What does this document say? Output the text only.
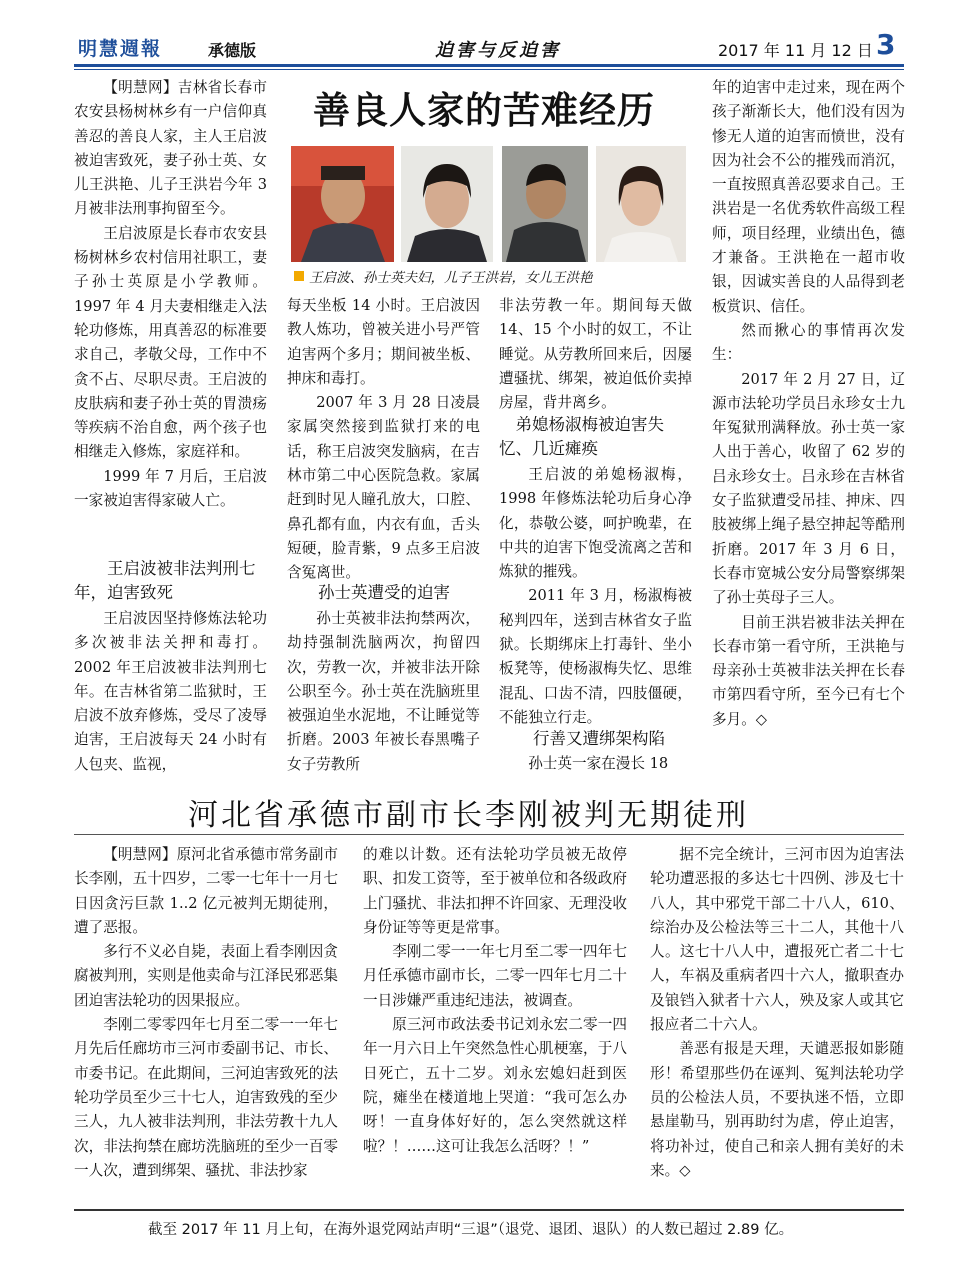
明慧週報	承德版	迫害与反迫害	2017 年 11 月 12 日 3
善良人家的苦难经历
王启波、孙士英夫妇，儿子王洪岩，女儿王洪艳

【明慧网】吉林省长春市农安县杨树林乡有一户信仰真善忍的善良人家，主人王启波被迫害致死，妻子孙士英、女儿王洪艳、儿子王洪岩今年 3 月被非法刑事拘留至今。

王启波原是长春市农安县杨树林乡农村信用社职工，妻子孙士英原是小学教师。1997 年 4 月夫妻相继走入法轮功修炼，用真善忍的标准要求自己，孝敬父母，工作中不贪不占、尽职尽责。王启波的皮肤病和妻子孙士英的胃溃疡等疾病不治自愈，两个孩子也相继走入修炼，家庭祥和。

1999 年 7 月后，王启波一家被迫害得家破人亡。

王启波被非法判刑七年，迫害致死

王启波因坚持修炼法轮功多次被非法关押和毒打。2002 年王启波被非法判刑七年。在吉林省第二监狱时，王启波不放弃修炼，受尽了凌辱迫害，王启波每天 24 小时有人包夹、监视，

每天坐板 14 小时。王启波因教人炼功，曾被关进小号严管迫害两个多月；期间被坐板、抻床和毒打。

2007 年 3 月 28 日凌晨家属突然接到监狱打来的电话，称王启波突发脑病，在吉林市第二中心医院急救。家属赶到时见人瞳孔放大，口腔、鼻孔都有血，内衣有血，舌头短硬，脸青紫，9 点多王启波含冤离世。

孙士英遭受的迫害

孙士英被非法拘禁两次，劫持强制洗脑两次，拘留四次，劳教一次，并被非法开除公职至今。孙士英在洗脑班里被强迫坐水泥地，不让睡觉等折磨。2003 年被长春黑嘴子女子劳教所

非法劳教一年。期间每天做 14、15 个小时的奴工，不让睡觉。从劳教所回来后，因屡遭骚扰、绑架，被迫低价卖掉房屋，背井离乡。

弟媳杨淑梅被迫害失忆、几近瘫痪

王启波的弟媳杨淑梅，1998 年修炼法轮功后身心净化，恭敬公婆，呵护晚辈，在中共的迫害下饱受流离之苦和炼狱的摧残。

2011 年 3 月，杨淑梅被秘判四年，送到吉林省女子监狱。长期绑床上打毒针、坐小板凳等，使杨淑梅失忆、思维混乱、口齿不清，四肢僵硬，不能独立行走。

行善又遭绑架构陷

孙士英一家在漫长 18

年的迫害中走过来，现在两个孩子渐渐长大，他们没有因为惨无人道的迫害而愤世，没有因为社会不公的摧残而消沉，一直按照真善忍要求自己。王洪岩是一名优秀软件高级工程师，项目经理，业绩出色，德才兼备。王洪艳在一超市收银，因诚实善良的人品得到老板赏识、信任。

然而揪心的事情再次发生：

2017 年 2 月 27 日，辽源市法轮功学员吕永珍女士九年冤狱刑满释放。孙士英一家人出于善心，收留了 62 岁的吕永珍女士。吕永珍在吉林省女子监狱遭受吊挂、抻床、四肢被绑上绳子悬空抻起等酷刑折磨。2017 年 3 月 6 日，长春市宽城公安分局警察绑架了孙士英母子三人。

目前王洪岩被非法关押在长春市第一看守所，王洪艳与母亲孙士英被非法关押在长春市第四看守所，至今已有七个多月。◇

河北省承德市副市长李刚被判无期徒刑

【明慧网】原河北省承德市常务副市长李刚，五十四岁，二零一七年十一月七日因贪污巨款 1..2 亿元被判无期徒刑，遭了恶报。

多行不义必自毙，表面上看李刚因贪腐被判刑，实则是他卖命与江泽民邪恶集团迫害法轮功的因果报应。

李刚二零零四年七月至二零一一年七月先后任廊坊市三河市委副书记、市长、市委书记。在此期间，三河迫害致死的法轮功学员至少三十七人，迫害致残的至少三人，九人被非法判刑，非法劳教十九人次，非法拘禁在廊坊洗脑班的至少一百零一人次，遭到绑架、骚扰、非法抄家

的难以计数。还有法轮功学员被无故停职、扣发工资等，至于被单位和各级政府上门骚扰、非法扣押不许回家、无理没收身份证等等更是常事。

李刚二零一一年七月至二零一四年七月任承德市副市长，二零一四年七月二十一日涉嫌严重违纪违法，被调查。

原三河市政法委书记刘永宏二零一四年一月六日上午突然急性心肌梗塞，于八日死亡，五十二岁。刘永宏媳妇赶到医院，瘫坐在楼道地上哭道：“我可怎么办呀！一直身体好好的，怎么突然就这样啦？！……这可让我怎么活呀？！”

据不完全统计，三河市因为迫害法轮功遭恶报的多达七十四例、涉及七十八人，其中邪党干部二十八人，610、综治办及公检法等三十二人，其他十八人。这七十八人中，遭报死亡者二十七人，车祸及重病者四十六人，撤职查办及锒铛入狱者十六人，殃及家人或其它报应者二十六人。

善恶有报是天理，天谴恶报如影随形！希望那些仍在诬判、冤判法轮功学员的公检法人员，不要执迷不悟，立即悬崖勒马，别再助纣为虐，停止迫害，将功补过，使自己和亲人拥有美好的未来。◇

截至 2017 年 11 月上旬，在海外退党网站声明“三退”（退党、退团、退队）的人数已超过 2.89 亿。
